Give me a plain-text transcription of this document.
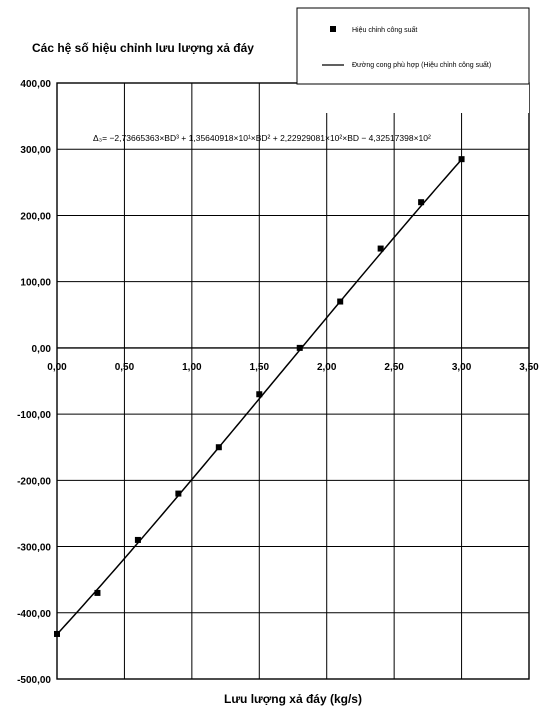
Các hệ số hiệu chỉnh lưu lượng xả đáy
0,00	0,50	1,00	1,50	2,00	2,50	3,00	3,50
400,00
300,00
200,00
100,00
0,00
-100,00
-200,00
-300,00
-400,00
-500,00
Δ₃= −2,73665363×BD³ + 1,35640918×10¹×BD² + 2,22929081×10²×BD − 4,32517398×10²
Hiệu chỉnh công suất
Đường cong phù hợp (Hiệu chỉnh công suất)
Lưu lượng xả đáy (kg/s)
